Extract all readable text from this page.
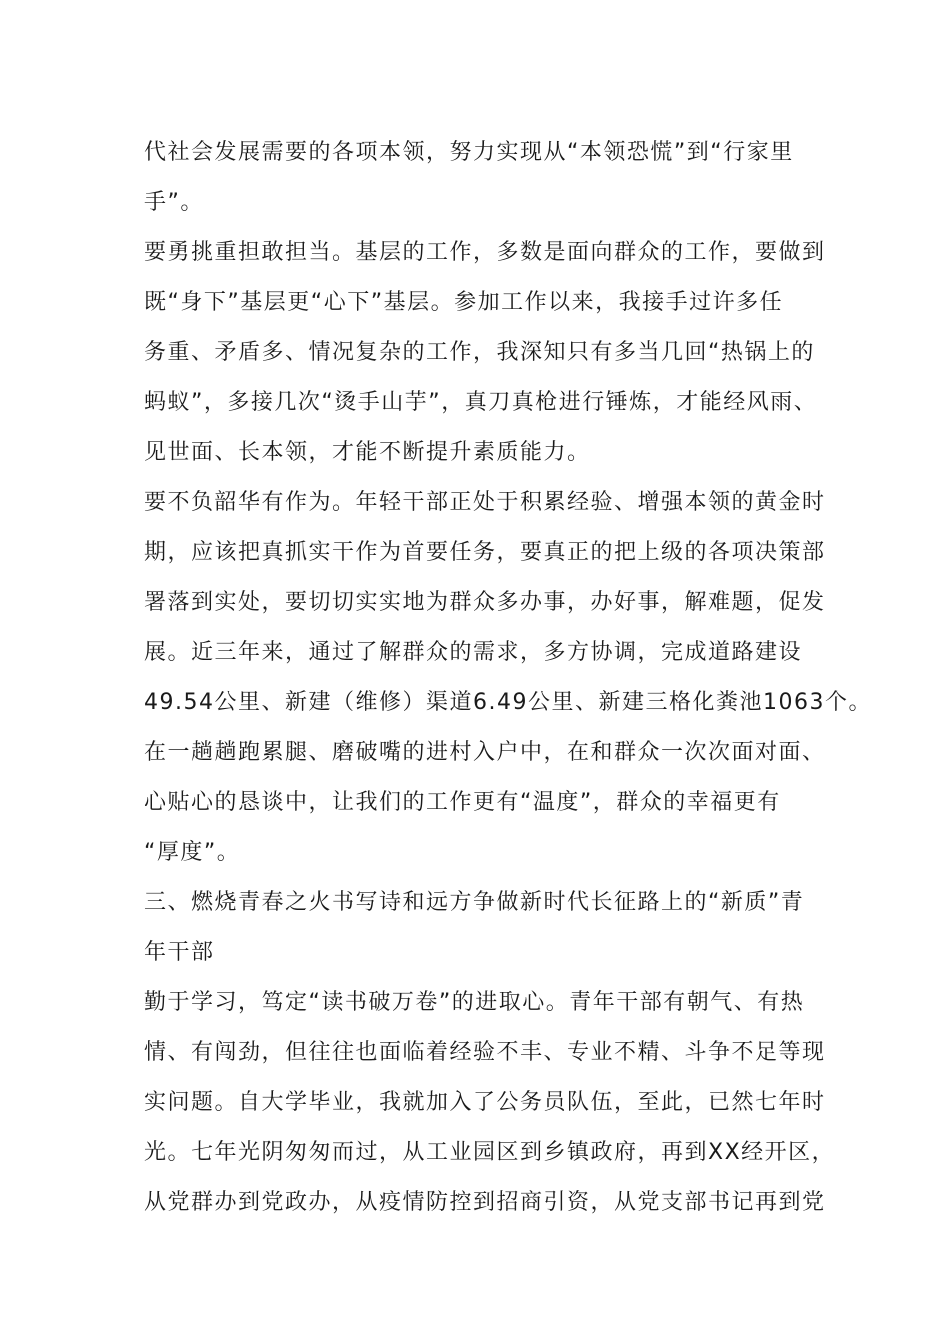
代社会发展需要的各项本领，努力实现从“本领恐慌”到“行家里
手”。
要勇挑重担敢担当。基层的工作，多数是面向群众的工作，要做到
既“身下”基层更“心下”基层。参加工作以来，我接手过许多任
务重、矛盾多、情况复杂的工作，我深知只有多当几回“热锅上的
蚂蚁”，多接几次“烫手山芋”，真刀真枪进行锤炼，才能经风雨、
见世面、长本领，才能不断提升素质能力。
要不负韶华有作为。年轻干部正处于积累经验、增强本领的黄金时
期，应该把真抓实干作为首要任务，要真正的把上级的各项决策部
署落到实处，要切切实实地为群众多办事，办好事，解难题，促发
展。近三年来，通过了解群众的需求，多方协调，完成道路建设
49.54公里、新建（维修）渠道6.49公里、新建三格化粪池1063个。
在一趟趟跑累腿、磨破嘴的进村入户中，在和群众一次次面对面、
心贴心的恳谈中，让我们的工作更有“温度”，群众的幸福更有
“厚度”。
三、燃烧青春之火书写诗和远方争做新时代长征路上的“新质”青
年干部
勤于学习，笃定“读书破万卷”的进取心。青年干部有朝气、有热
情、有闯劲，但往往也面临着经验不丰、专业不精、斗争不足等现
实问题。自大学毕业，我就加入了公务员队伍，至此，已然七年时
光。七年光阴匆匆而过，从工业园区到乡镇政府，再到XX经开区，
从党群办到党政办，从疫情防控到招商引资，从党支部书记再到党
